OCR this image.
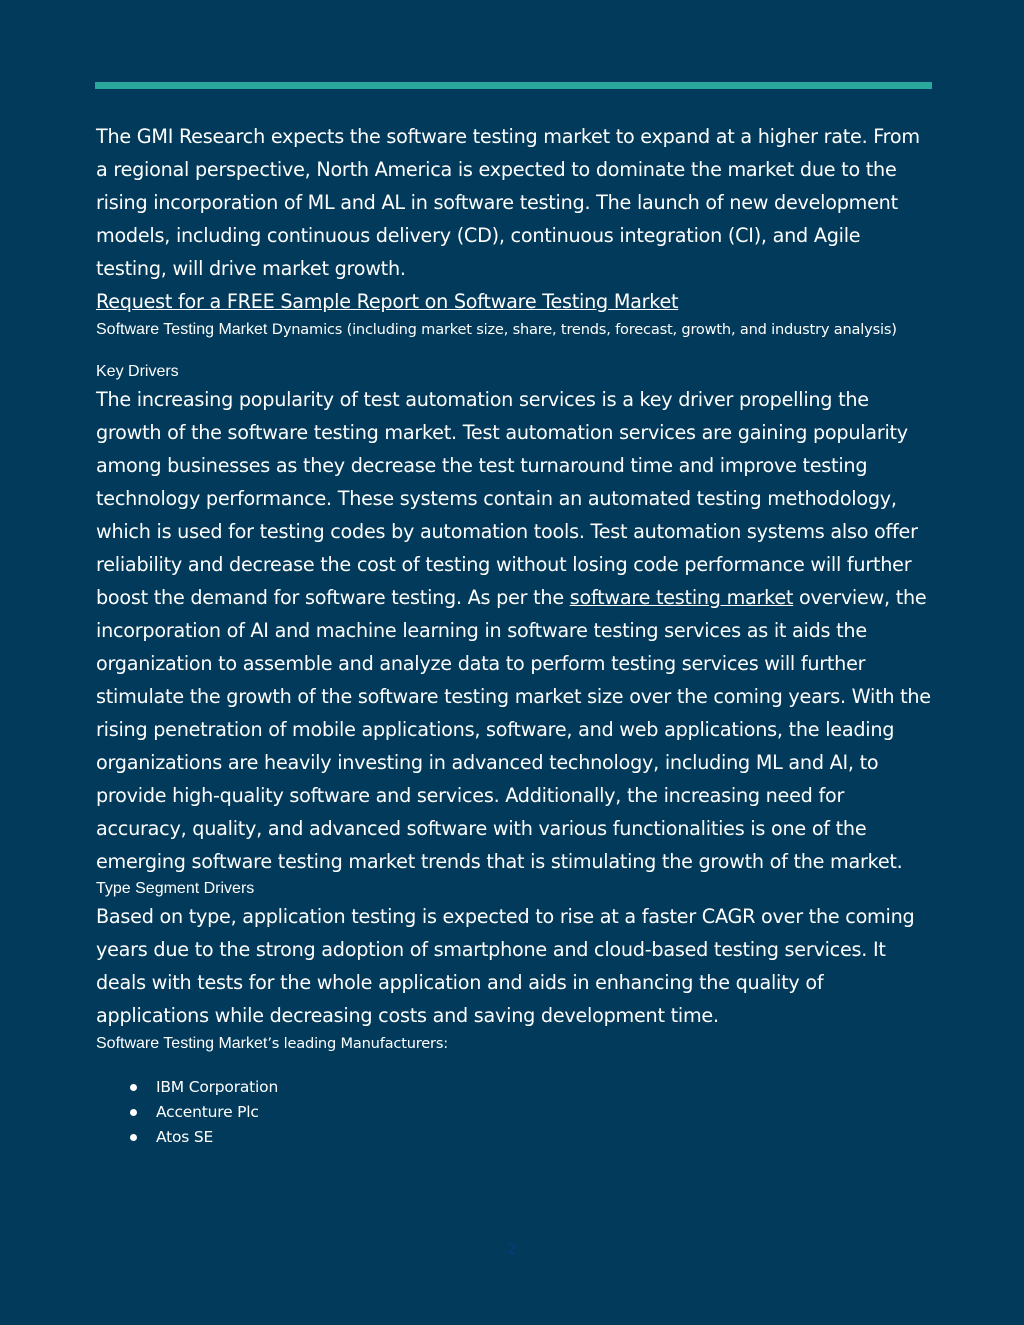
The GMI Research expects the software testing market to expand at a higher rate. From a regional perspective, North America is expected to dominate the market due to the rising incorporation of ML and AL in software testing. The launch of new development models, including continuous delivery (CD), continuous integration (CI), and Agile testing, will drive market growth.

Request for a FREE Sample Report on Software Testing Market

Software Testing Market Dynamics (including market size, share, trends, forecast, growth, and industry analysis)

Key Drivers

The increasing popularity of test automation services is a key driver propelling the growth of the software testing market. Test automation services are gaining popularity among businesses as they decrease the test turnaround time and improve testing technology performance. These systems contain an automated testing methodology, which is used for testing codes by automation tools. Test automation systems also offer reliability and decrease the cost of testing without losing code performance will further boost the demand for software testing. As per the software testing market overview, the incorporation of AI and machine learning in software testing services as it aids the organization to assemble and analyze data to perform testing services will further stimulate the growth of the software testing market size over the coming years. With the rising penetration of mobile applications, software, and web applications, the leading organizations are heavily investing in advanced technology, including ML and AI, to provide high-quality software and services. Additionally, the increasing need for accuracy, quality, and advanced software with various functionalities is one of the emerging software testing market trends that is stimulating the growth of the market.

Type Segment Drivers

Based on type, application testing is expected to rise at a faster CAGR over the coming years due to the strong adoption of smartphone and cloud-based testing services. It deals with tests for the whole application and aids in enhancing the quality of applications while decreasing costs and saving development time.

Software Testing Market’s leading Manufacturers:

IBM Corporation
Accenture Plc
Atos SE
2
